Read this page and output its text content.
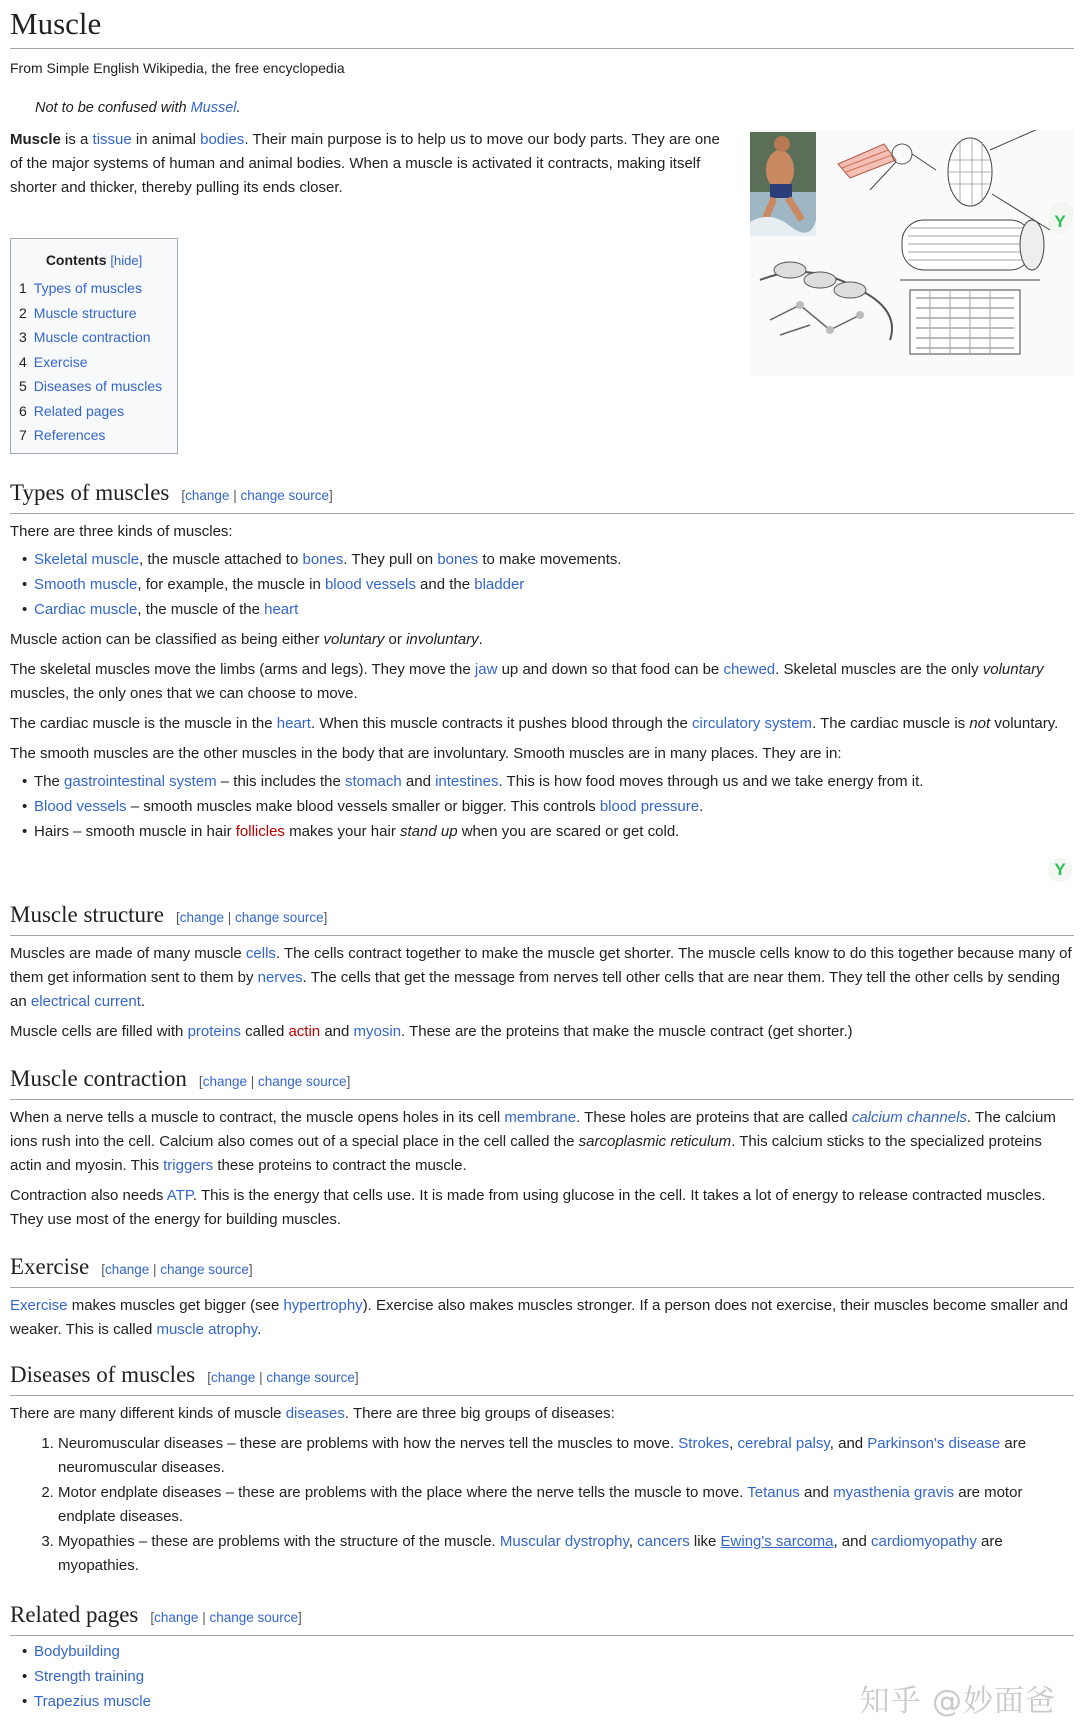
Muscle
From Simple English Wikipedia, the free encyclopedia
Not to be confused with Mussel.

Muscle is a tissue in animal bodies. Their main purpose is to help us to move our body parts. They are one of the major systems of human and animal bodies. When a muscle is activated it contracts, making itself shorter and thicker, thereby pulling its ends closer.

Y
Y
Contents [hide]
1 Types of muscles
2 Muscle structure
3 Muscle contraction
4 Exercise
5 Diseases of muscles
6 Related pages
7 References
Types of muscles [change | change source]

There are three kinds of muscles:

• Skeletal muscle, the muscle attached to bones. They pull on bones to make movements.
• Smooth muscle, for example, the muscle in blood vessels and the bladder
• Cardiac muscle, the muscle of the heart

Muscle action can be classified as being either voluntary or involuntary.

The skeletal muscles move the limbs (arms and legs). They move the jaw up and down so that food can be chewed. Skeletal muscles are the only voluntary muscles, the only ones that we can choose to move.

The cardiac muscle is the muscle in the heart. When this muscle contracts it pushes blood through the circulatory system. The cardiac muscle is not voluntary.

The smooth muscles are the other muscles in the body that are involuntary. Smooth muscles are in many places. They are in:

• The gastrointestinal system – this includes the stomach and intestines. This is how food moves through us and we take energy from it.
• Blood vessels – smooth muscles make blood vessels smaller or bigger. This controls blood pressure.
• Hairs – smooth muscle in hair follicles makes your hair stand up when you are scared or get cold.
Muscle structure [change | change source]

Muscles are made of many muscle cells. The cells contract together to make the muscle get shorter. The muscle cells know to do this together because many of them get information sent to them by nerves. The cells that get the message from nerves tell other cells that are near them. They tell the other cells by sending an electrical current.

Muscle cells are filled with proteins called actin and myosin. These are the proteins that make the muscle contract (get shorter.)

Muscle contraction [change | change source]

When a nerve tells a muscle to contract, the muscle opens holes in its cell membrane. These holes are proteins that are called calcium channels. The calcium ions rush into the cell. Calcium also comes out of a special place in the cell called the sarcoplasmic reticulum. This calcium sticks to the specialized proteins actin and myosin. This triggers these proteins to contract the muscle.

Contraction also needs ATP. This is the energy that cells use. It is made from using glucose in the cell. It takes a lot of energy to release contracted muscles. They use most of the energy for building muscles.

Exercise [change | change source]

Exercise makes muscles get bigger (see hypertrophy). Exercise also makes muscles stronger. If a person does not exercise, their muscles become smaller and weaker. This is called muscle atrophy.

Diseases of muscles [change | change source]

There are many different kinds of muscle diseases. There are three big groups of diseases:

1. Neuromuscular diseases – these are problems with how the nerves tell the muscles to move. Strokes, cerebral palsy, and Parkinson's disease are neuromuscular diseases.
2. Motor endplate diseases – these are problems with the place where the nerve tells the muscle to move. Tetanus and myasthenia gravis are motor endplate diseases.
3. Myopathies – these are problems with the structure of the muscle. Muscular dystrophy, cancers like Ewing's sarcoma, and cardiomyopathy are myopathies.
Related pages [change | change source]
• Bodybuilding
• Strength training
• Trapezius muscle	知乎 @妙面爸
